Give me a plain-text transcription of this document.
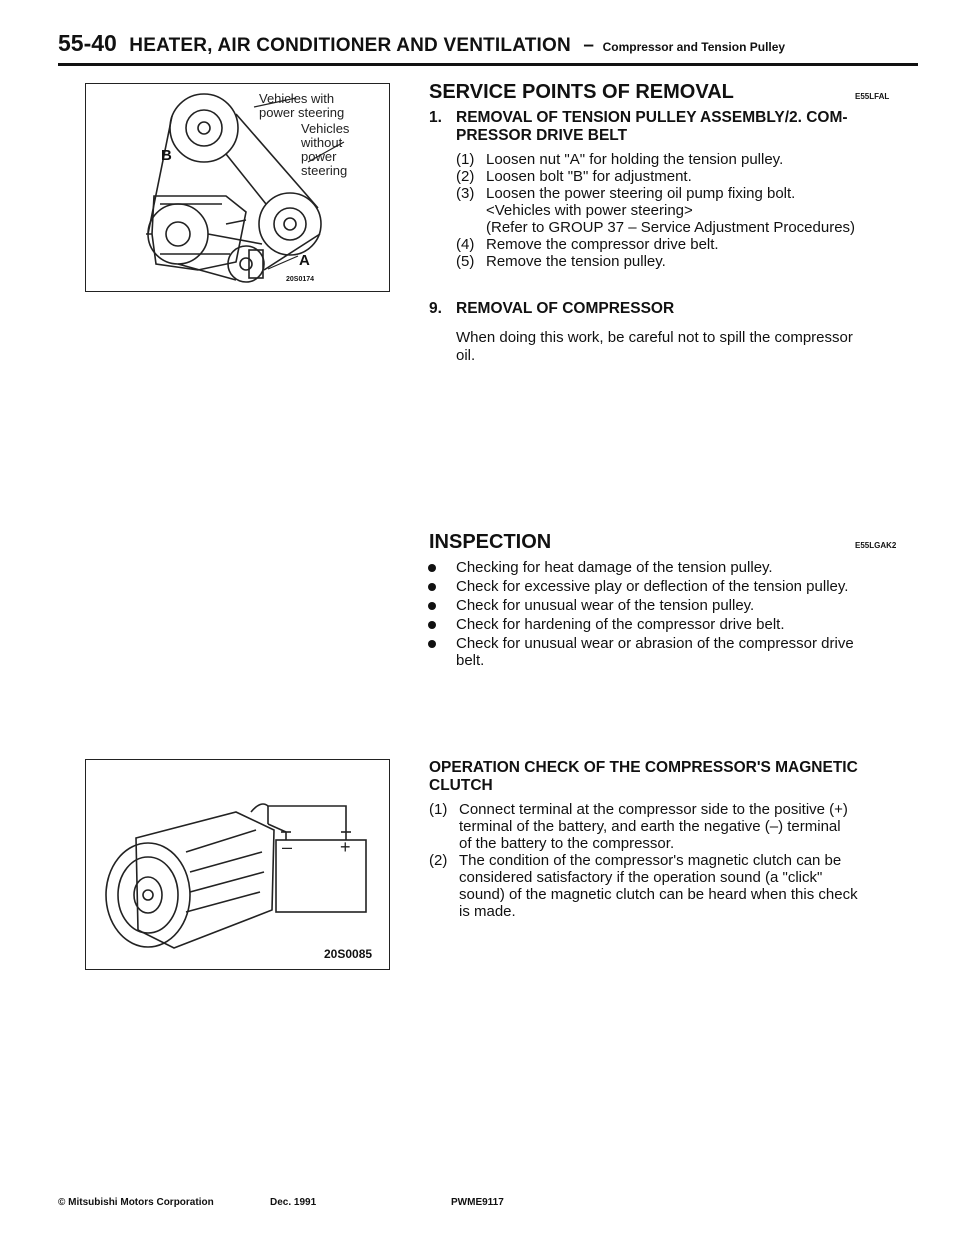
55-40 HEATER, AIR CONDITIONER AND VENTILATION – Compressor and Tension Pulley
Vehicles with
power steering
Vehicles
without
power
steering
B
A
20S0174
–	+
20S0085
SERVICE POINTS OF REMOVAL	E55LFAL
1. REMOVAL OF TENSION PULLEY ASSEMBLY/2. COM-
PRESSOR DRIVE BELT
(1) Loosen nut "A" for holding the tension pulley.
(2) Loosen bolt "B" for adjustment.
(3) Loosen the power steering oil pump fixing bolt.
<Vehicles with power steering>
(Refer to GROUP 37 – Service Adjustment Procedures)
(4) Remove the compressor drive belt.
(5) Remove the tension pulley.
9. REMOVAL OF COMPRESSOR
When doing this work, be careful not to spill the compressor
oil.
INSPECTION	E55LGAK2
Checking for heat damage of the tension pulley.
Check for excessive play or deflection of the tension pulley.
Check for unusual wear of the tension pulley.
Check for hardening of the compressor drive belt.
Check for unusual wear or abrasion of the compressor drive
belt.
OPERATION CHECK OF THE COMPRESSOR'S MAGNETIC
CLUTCH
(1) Connect terminal at the compressor side to the positive (+)
terminal of the battery, and earth the negative (–) terminal
of the battery to the compressor.
(2) The condition of the compressor's magnetic clutch can be
considered satisfactory if the operation sound (a "click"
sound) of the magnetic clutch can be heard when this check
is made.
© Mitsubishi Motors Corporation	Dec. 1991	PWME9117
